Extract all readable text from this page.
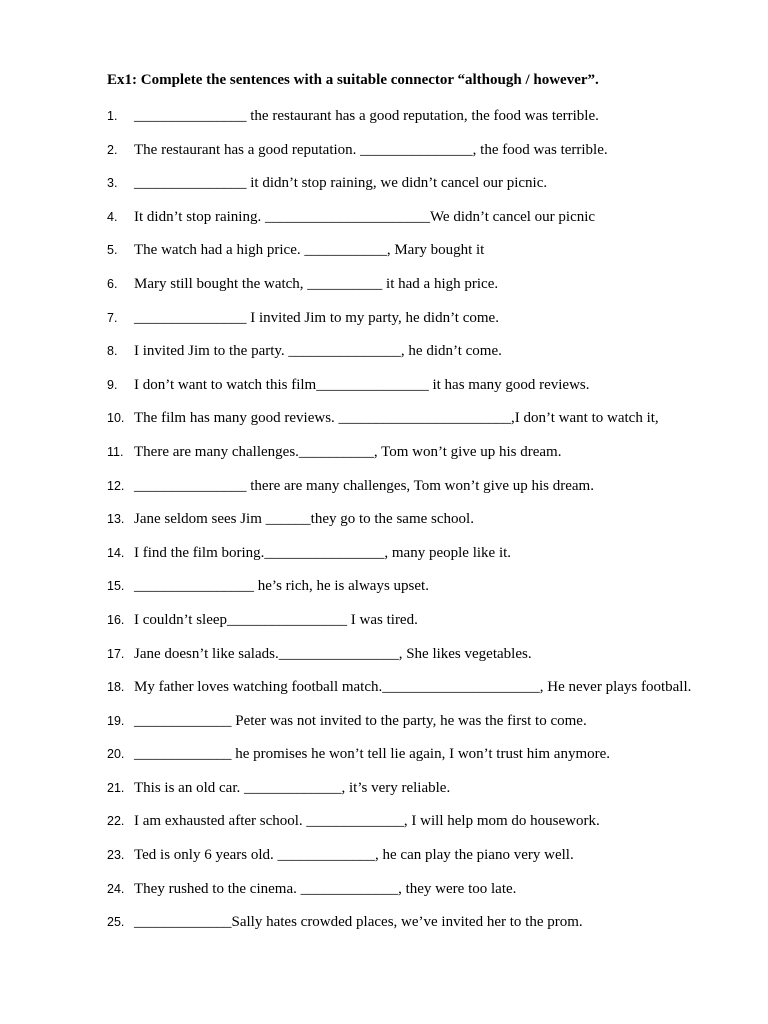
Ex1: Complete the sentences with a suitable connector “although / however”.
1. _______________ the restaurant has a good reputation, the food was terrible.
2. The restaurant has a good reputation. _______________, the food was terrible.
3. _______________ it didn’t stop raining, we didn’t cancel our picnic.
4. It didn’t stop raining. ______________________We didn’t cancel our picnic
5. The watch had a high price. ___________, Mary bought it
6. Mary still bought the watch, __________ it had a high price.
7. _______________ I invited Jim to my party, he didn’t come.
8. I invited Jim to the party. _______________, he didn’t come.
9. I don’t want to watch this film_______________ it has many good reviews.
10. The film has many good reviews. _______________________,I don’t want to watch it,
11. There are many challenges.__________, Tom won’t give up his dream.
12. _______________ there are many challenges, Tom won’t give up his dream.
13. Jane seldom sees Jim ______they go to the same school.
14. I find the film boring.________________, many people like it.
15. ________________ he’s rich, he is always upset.
16. I couldn’t sleep________________ I was tired.
17. Jane doesn’t like salads.________________, She likes vegetables.
18. My father loves watching football match._____________________, He never plays football.
19. _____________ Peter was not invited to the party, he was the first to come.
20. _____________ he promises he won’t tell lie again, I won’t trust him anymore.
21. This is an old car. _____________, it’s very reliable.
22. I am exhausted after school. _____________, I will help mom do housework.
23. Ted is only 6 years old. _____________, he can play the piano very well.
24. They rushed to the cinema. _____________, they were too late.
25. _____________Sally hates crowded places, we’ve invited her to the prom.
